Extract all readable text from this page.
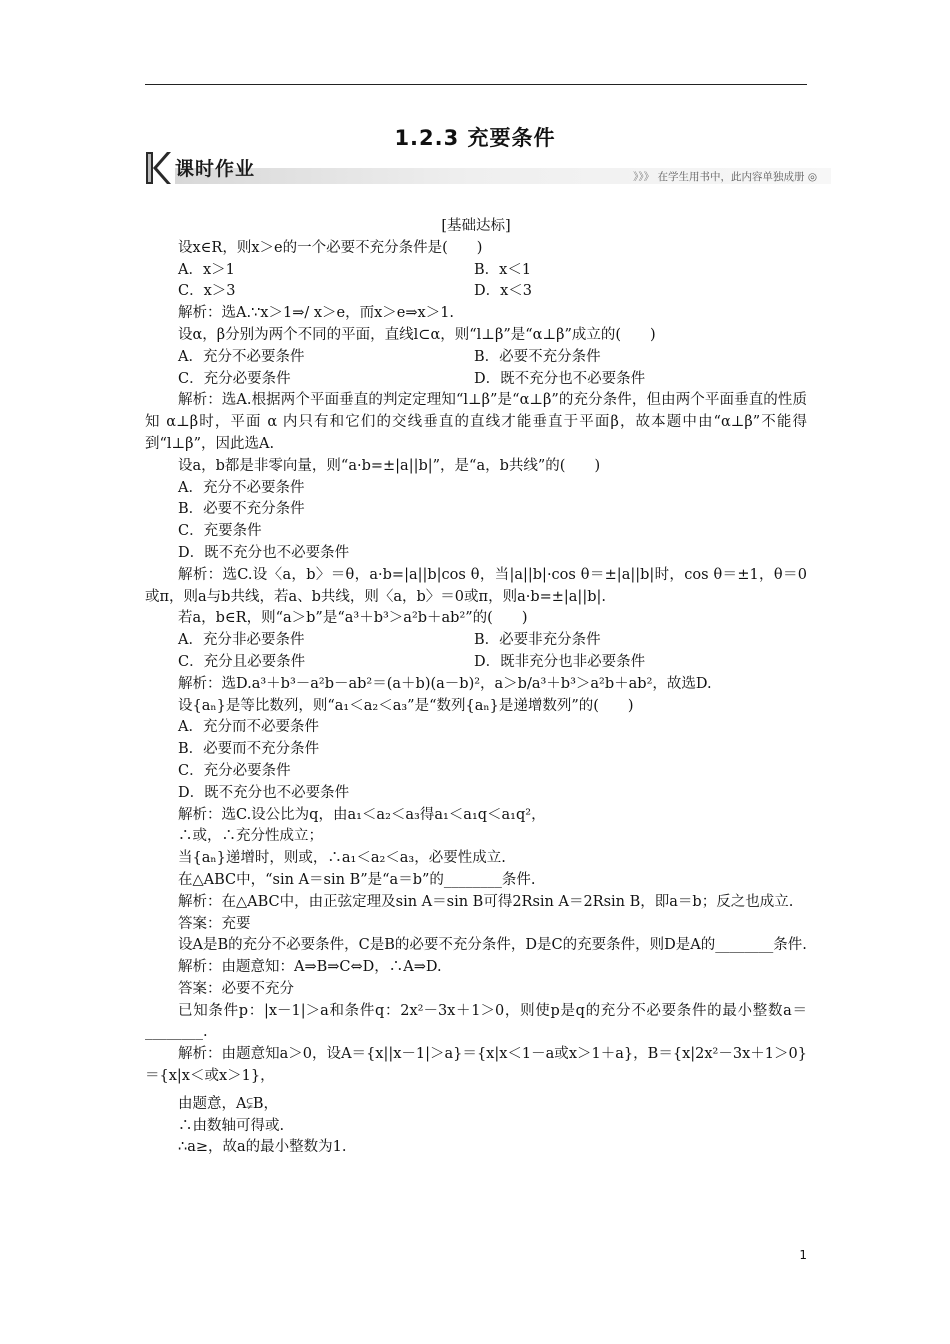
1.2.3 充要条件
课时作业	》》》 在学生用书中，此内容单独成册 ◎
[基础达标]
设x∈R，则x＞e的一个必要不充分条件是(　　)
A．x＞1	B．x＜1
C．x＞3	D．x＜3
解析：选A.∵x＞1⇒/ x＞e，而x＞e⇒x＞1.
设α，β分别为两个不同的平面，直线l⊂α，则“l⊥β”是“α⊥β”成立的(　　)
A．充分不必要条件	B．必要不充分条件
C．充分必要条件	D．既不充分也不必要条件
解析：选A.根据两个平面垂直的判定定理知“l⊥β”是“α⊥β”的充分条件，但由两个平面垂直的性质知 α⊥β时，平面 α 内只有和它们的交线垂直的直线才能垂直于平面β，故本题中由“α⊥β”不能得到“l⊥β”，因此选A.
设a，b都是非零向量，则“a·b=±|a||b|”，是“a，b共线”的(　　)
A．充分不必要条件
B．必要不充分条件
C．充要条件
D．既不充分也不必要条件
解析：选C.设〈a，b〉＝θ，a·b=|a||b|cos θ，当|a||b|·cos θ＝±|a||b|时，cos θ＝±1，θ＝0或π，则a与b共线，若a、b共线，则〈a，b〉＝0或π，则a·b=±|a||b|.
若a，b∈R，则“a＞b”是“a³＋b³＞a²b＋ab²”的(　　)
A．充分非必要条件	B．必要非充分条件
C．充分且必要条件	D．既非充分也非必要条件
解析：选D.a³＋b³－a²b－ab²＝(a＋b)(a－b)²，a＞b/a³＋b³＞a²b＋ab²，故选D.
设{aₙ}是等比数列，则“a₁＜a₂＜a₃”是“数列{aₙ}是递增数列”的(　　)
A．充分而不必要条件
B．必要而不充分条件
C．充分必要条件
D．既不充分也不必要条件
解析：选C.设公比为q，由a₁＜a₂＜a₃得a₁＜a₁q＜a₁q²，
∴或，∴充分性成立；
当{aₙ}递增时，则或，∴a₁＜a₂＜a₃，必要性成立.
在△ABC中，“sin A＝sin B”是“a＝b”的________条件.
解析：在△ABC中，由正弦定理及sin A＝sin B可得2Rsin A＝2Rsin B，即a＝b；反之也成立.
答案：充要
设A是B的充分不必要条件，C是B的必要不充分条件，D是C的充要条件，则D是A的________条件.
解析：由题意知：A⇒B⇒C⇔D，∴A⇒D.
答案：必要不充分
已知条件p：|x－1|＞a和条件q：2x²－3x＋1＞0，则使p是q的充分不必要条件的最小整数a＝________.
解析：由题意知a＞0，设A＝{x||x－1|＞a}＝{x|x＜1－a或x＞1＋a}，B＝{x|2x²－3x＋1＞0}＝{x|x＜或x＞1}，
由题意，A⫋B，
∴由数轴可得或.
∴a≥，故a的最小整数为1.
1
